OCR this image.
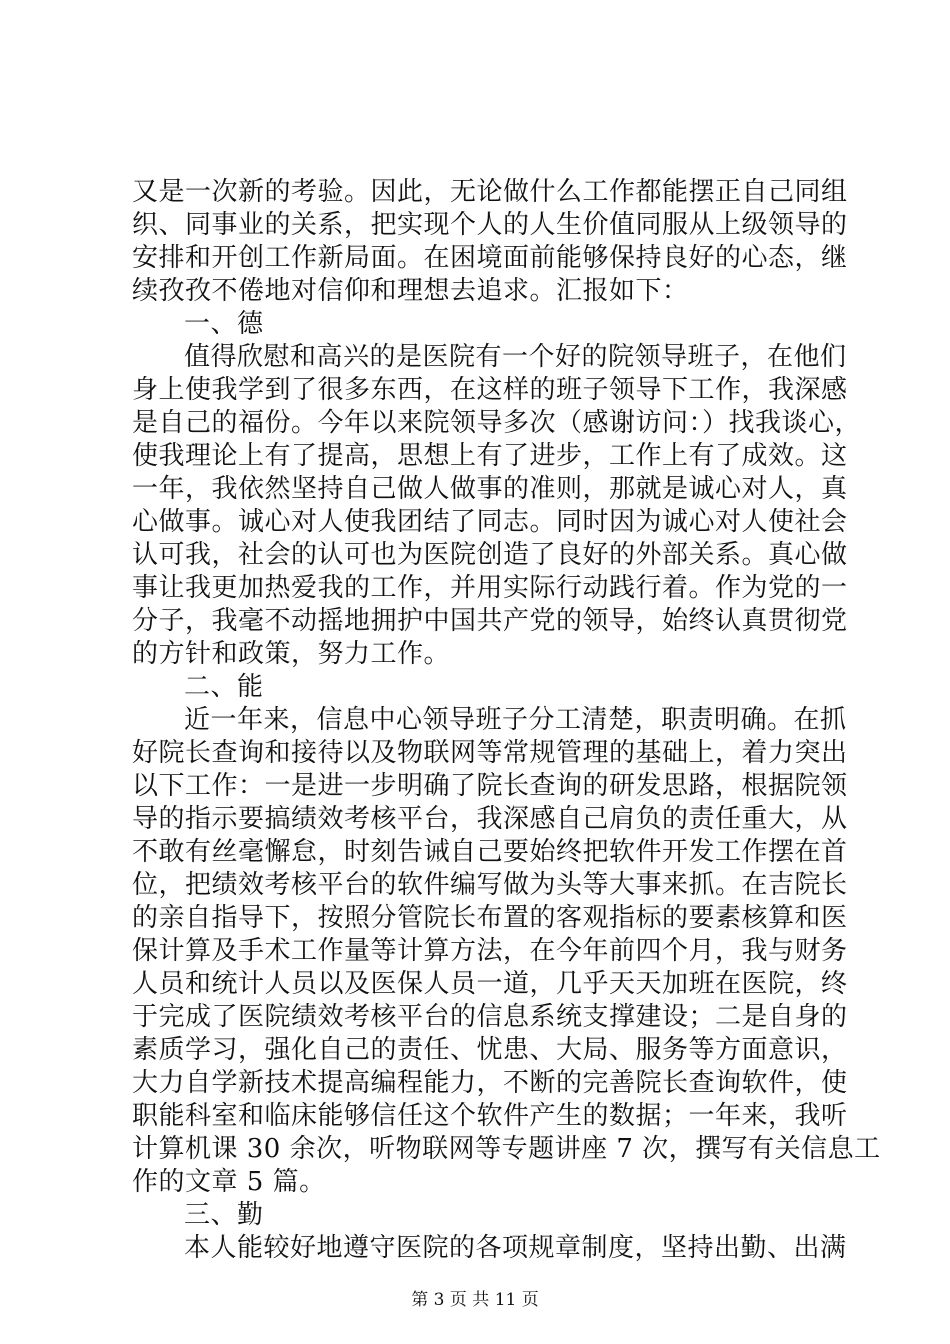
又是一次新的考验。因此，无论做什么工作都能摆正自己同组
织、同事业的关系，把实现个人的人生价值同服从上级领导的
安排和开创工作新局面。在困境面前能够保持良好的心态，继
续孜孜不倦地对信仰和理想去追求。汇报如下：
一、德
值得欣慰和高兴的是医院有一个好的院领导班子，在他们
身上使我学到了很多东西，在这样的班子领导下工作，我深感
是自己的福份。今年以来院领导多次（感谢访问：）找我谈心，
使我理论上有了提高，思想上有了进步，工作上有了成效。这
一年，我依然坚持自己做人做事的准则，那就是诚心对人，真
心做事。诚心对人使我团结了同志。同时因为诚心对人使社会
认可我，社会的认可也为医院创造了良好的外部关系。真心做
事让我更加热爱我的工作，并用实际行动践行着。作为党的一
分子，我毫不动摇地拥护中国共产党的领导，始终认真贯彻党
的方针和政策，努力工作。
二、能
近一年来，信息中心领导班子分工清楚，职责明确。在抓
好院长查询和接待以及物联网等常规管理的基础上，着力突出
以下工作：一是进一步明确了院长查询的研发思路，根据院领
导的指示要搞绩效考核平台，我深感自己肩负的责任重大，从
不敢有丝毫懈怠，时刻告诫自己要始终把软件开发工作摆在首
位，把绩效考核平台的软件编写做为头等大事来抓。在吉院长
的亲自指导下，按照分管院长布置的客观指标的要素核算和医
保计算及手术工作量等计算方法，在今年前四个月，我与财务
人员和统计人员以及医保人员一道，几乎天天加班在医院，终
于完成了医院绩效考核平台的信息系统支撑建设；二是自身的
素质学习，强化自己的责任、忧患、大局、服务等方面意识，
大力自学新技术提高编程能力，不断的完善院长查询软件，使
职能科室和临床能够信任这个软件产生的数据；一年来，我听
计算机课 30 余次，听物联网等专题讲座 7 次，撰写有关信息工
作的文章 5 篇。
三、勤
本人能较好地遵守医院的各项规章制度，坚持出勤、出满
第 3 页 共 11 页
